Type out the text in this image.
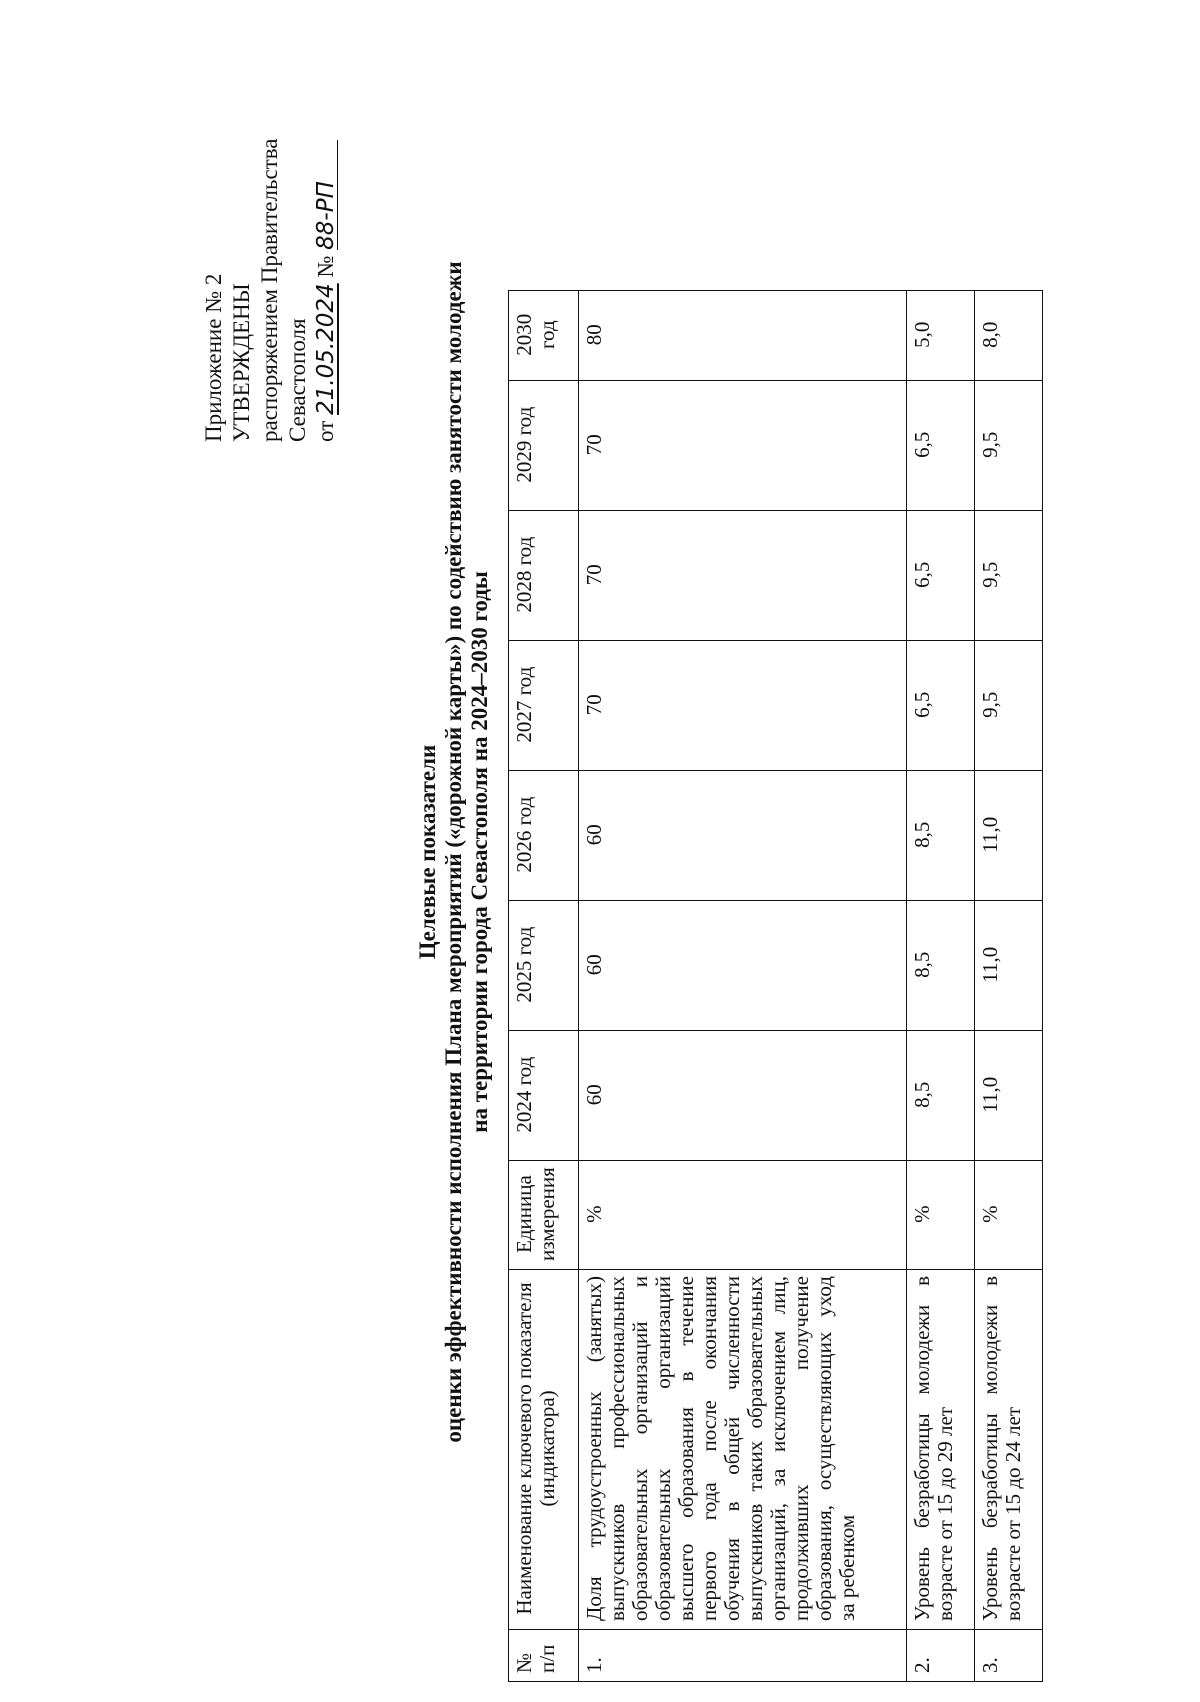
Приложение № 2 УТВЕРЖДЕНЫ распоряжением Правительства Севастополя от 21.05.2024 № 88-РП
Целевые показатели оценки эффективности исполнения Плана мероприятий («дорожной карты») по содействию занятости молодежи на территории города Севастополя на 2024–2030 годы
№ п/п	Наименование ключевого показателя (индикатора)	Единица измерения	2024 год	2025 год	2026 год	2027 год	2028 год	2029 год	2030 год
1.	Доля трудоустроенных (занятых) выпускников профессиональных образовательных организаций и образовательных организаций высшего образования в течение первого года после окончания обучения в общей численности выпускников таких образовательных организаций, за исключением лиц, продолживших получение образования, осуществляющих уход за ребенком	%	60	60	60	70	70	70	80
2.	Уровень безработицы молодежи в возрасте от 15 до 29 лет	%	8,5	8,5	8,5	6,5	6,5	6,5	5,0
3.	Уровень безработицы молодежи в возрасте от 15 до 24 лет	%	11,0	11,0	11,0	9,5	9,5	9,5	8,0
